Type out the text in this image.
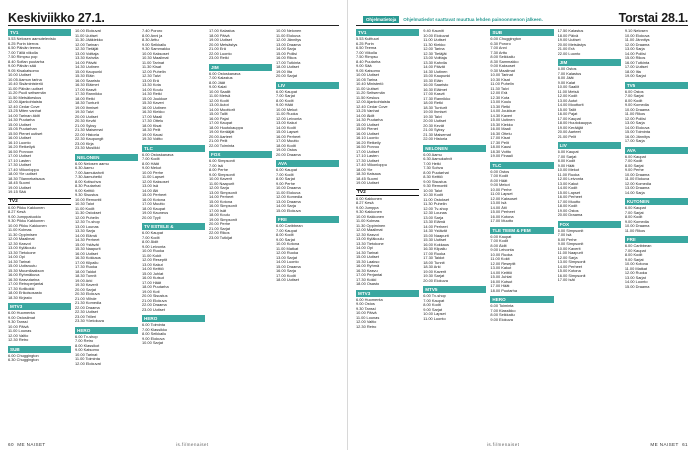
Keskiviikko 27.1.
TV1
5.53 Nelosen aamutelevisio
6.25 Porin kierros
6.50 Päivän teema
7.00 Tällä viikolla
7.50 Rimpsu pop
8.40 Sofian puutarha
9.00 Päivän sää
9.05 Kisakatsomo
10.00 Uutiset
10.05 Aamun tarina
10.40 Sisäministeriö
11.00 Päivän uutiset
11.20 Puoli seitsemän
11.50 Metsäkeskus
12.00 Ajankohtaista
12.40 Cedar Cove
13.25 Miten vanhat
14.00 Tarinan äidit
14.30 Puutarha
15.00 Uutiset
15.05 Puutarhan
15.50 Pienet uutiset
16.00 Uutiset
16.10 Luonto
16.20 Retkeilyä
16.50 Porvoon
17.00 Uutiset
17.10 Lasten
17.30 Uutiset
17.40 Viikonloppu
18.00 Yle uutiset
18.30 Tilannekatsaus
18.45 Suomi
19.00 Uutiset
19.15 Sää
TV2
6.00 Pikku Kakkonen
8.27 Kesä
9.00 Jumppatuokio
9.30 Pikku Kakkonen
10.00 Pikku Kakkonen
11.00 Kolmas
11.30 Oppimisen
12.00 Maailmat
12.30 Kasvot
13.00 Kyläkoulu
13.30 Tietokone
14.00 Opi
14.30 Tarinat
15.00 Uutisruutu
15.30 Muumilaakson
16.00 Ryhmäkuva
16.30 Kasvutarina
17.00 Retroperjantai
17.30 Kotikokki
18.00 Erikoisosasto
18.30 Kirjasto
MTV3
6.00 Huomenta
9.00 Ostosilmat
9.30 Tanssi
10.00 Päivä
11.00 Lounas
12.00 Valtio
12.30 Retro
SUB
6.00 Chuggington
6.30 Chuggington
10.00 Elokuvat
11.00 Uutiset
11.30 Jääkiekko
12.00 Tarinan
12.30 Tietäjät
13.00 Voittaja
13.30 Kahvila
14.00 Päivät
14.30 Uutinen
15.00 Kaupunki
15.30 Eläin
16.00 Saaristo
16.30 Eläimet
17.00 Kasvit
17.30 Rannikko
18.00 Retki
18.30 Tunturit
19.00 Ihmiset
19.30 Talvi
20.00 Uutiset
20.30 Kevät
21.00 Syksy
21.30 Maisemat
22.00 Historia
22.30 Kaupungit
23.00 Kirja
23.30 Musiikki
NELONEN
6.00 Nelosen aamu
6.30 Aamu
7.00 Aamukahvit
7.30 Aamuhetki
8.00 Kotisohva
8.30 Puutarhat
9.00 Keittiö
9.30 Sisustus
10.00 Remontti
10.30 Talot
11.00 Kodit
11.30 Ostokset
12.00 Puhelin
12.30 Tv-shop
13.00 Lounas
13.30 Sarja
14.00 Elämä
14.30 Perheet
15.00 Ystävät
15.30 Naapurit
16.00 Uutiset
16.30 Kokkaus
17.00 Kilpailu
17.30 Ruoka
18.00 Taidot
18.30 Tunnit
19.00 Arki
19.30 Kaverit
20.00 Sarjat
20.30 Elokuva
21.00 Viihde
21.30 Komedia
22.00 Draama
22.30 Uutiset
23.00 Trilleri
23.30 Yöelokuva
HERO
6.00 Tv-shop
7.00 Retro
8.00 Klassikot
9.00 Katsomo
10.00 Tarinat
11.00 Toiminta
12.00 Elokuvat
7.40 Pororo
8.00 Anni ja
8.30 Arttu
9.00 Seikkailu
9.30 Sammakko
10.00 Kaksoset
10.30 Maailmat
11.00 Tarinat
11.30 Kisat
12.00 Puhelin
12.30 Talvi
13.00 Erä
13.30 Kota
14.00 Koulu
14.30 Retki
15.00 Joukkue
15.30 Kaveri
16.00 Uutinen
16.30 Kiekko
17.00 Maali
17.30 Ottelu
18.00 Kisat
18.30 Pelit
19.00 Kausi
19.30 Voitto
TLC
6.00 Ostoskanava
7.00 Kodit
8.00 Häät
9.00 Mekot
10.00 Perhe
11.00 Lapset
12.00 Kaksoset
13.00 Isä
14.00 Äiti
15.00 Perheet
16.00 Kotona
17.00 Muutto
18.00 Kaupat
19.00 Kauneus
20.00 Tyyli
TV ESTELE &
6.00 Kaupat
7.00 Kodit
8.00 Äidit
9.00 Leivonta
10.00 Ruoka
11.00 Kokit
12.00 Reseptit
13.00 Kakut
14.00 Keittiö
15.00 Juhlat
16.00 Kutsut
17.00 Häät
18.00 Puutarha
19.00 Koti
20.00 Sisustus
21.00 Elokuva
22.00 Draama
23.00 Uutiset
HERO
6.00 Toiminta
7.00 Klassikko
8.00 Seikkailu
9.00 Elokuva
10.00 Sarjat
17.00 Kalastus
18.00 Päivä
19.00 Uutiset
20.00 Metsästys
21.00 Erä
22.00 Luonto
23.00 Retki
JIM
6.00 Ostoskanava
7.00 Kalastus
8.00 Jäät
9.00 Kalat
10.00 Saaliit
11.00 Metsä
12.00 Kodit
13.00 Autot
14.00 Moottorit
15.00 Tallit
16.00 Pajat
17.00 Kaupat
18.00 Huutokauppa
19.00 Kerääjät
20.00 Aarteet
21.00 Pelit
22.00 Toiminta
FOX
6.00 Simpsonit
7.00 Isä
8.00 Perhe
9.00 Simpsonit
10.00 Kaverit
11.00 Naapurit
12.00 Sarja
13.00 Simpsonit
14.00 Perheet
15.00 Kotona
16.00 Simpsonit
17.00 Isät
18.00 Koulu
19.00 Simpsonit
20.00 Perhe
21.00 Sarjat
22.00 Rikos
23.00 Tutkijat
10.00 Nelonen
11.00 Elokuva
12.00 Jännitys
13.00 Draama
14.00 Sarja
15.00 Poliisi
16.00 Rikos
17.00 Tutkinta
18.00 Uutiset
19.00 Ilta
20.00 Sarjat
LIV
6.00 Kaupat
7.00 Sarjat
8.00 Kodit
9.00 Häät
10.00 Mekot
11.00 Ruoka
12.00 Leivonta
13.00 Kakut
14.00 Kodit
15.00 Lapset
16.00 Perheet
17.00 Muutto
18.00 Kodit
19.00 Ostos
20.00 Draama
AVA
6.00 Kaupat
7.00 Kodit
8.00 Sarjat
9.00 Perhe
10.00 Draama
11.00 Elokuva
12.00 Komedia
13.00 Draama
14.00 Sarja
15.00 Elokuva
FRII
6.00 Caribbean
7.00 Kaupat
8.00 Kodit
9.00 Sarjat
10.00 Kotona
11.00 Matkat
12.00 Ruoka
13.00 Sarjat
14.00 Luonto
15.00 Draama
16.00 Sarja
17.00 Kodit
18.00 Uutiset
60 ME NAISET	is.fi/menaiset
Ohjelmatietoja	Ohjelmatiedot saattavat muuttua lehden painoonmenon jälkeen.	Torstai 28.1.
TV1
5.53 Kulttuuri
6.25 Porin
6.50 Teema
7.00 Viikolla
7.50 Rimpsu
8.40 Puutarha
9.00 Sää
9.05 Katsomo
10.00 Uutiset
10.05 Tarina
10.40 Ministeriö
11.00 Uutiset
11.20 Seitsemän
11.50 Keskus
12.00 Ajankohtaista
12.40 Cedar Cove
13.25 Vanhat
14.00 Äidit
14.30 Puutarha
15.00 Uutiset
15.50 Pienet
16.00 Uutiset
16.10 Luonto
16.20 Retkeily
16.50 Porvoo
17.00 Uutiset
17.10 Lasten
17.30 Uutiset
17.40 Viikonloppu
18.00 Yle
18.30 Katsaus
18.45 Suomi
19.00 Uutiset
TV2
6.00 Kakkonen
8.27 Kesä
9.00 Jumppa
9.30 Kakkonen
10.00 Kakkonen
11.00 Kolmas
11.30 Oppiminen
12.00 Maailmat
12.30 Kasvot
13.00 Kyläkoulu
13.30 Tietokone
14.00 Opi
14.30 Tarinat
15.00 Uutiset
15.30 Laakso
16.00 Ryhmä
16.30 Kasvu
17.00 Perjantai
17.30 Kokki
18.00 Osasto
MTV3
6.00 Huomenta
9.00 Ostos
9.30 Tanssi
10.00 Päivä
11.00 Lounas
12.00 Valtio
12.30 Retro
9.40 Kauniit
10.00 Elokuvat
11.00 Uutiset
11.30 Kiekko
12.00 Tarina
12.30 Tietäjät
13.00 Voittaja
13.30 Kahvila
14.00 Päivät
14.30 Uutinen
15.00 Kaupunki
15.30 Eläin
16.00 Saaristo
16.30 Eläimet
17.00 Kasvit
17.30 Rannikko
18.00 Retki
18.30 Tunturit
19.00 Ihmiset
19.30 Talvi
20.00 Uutiset
20.30 Kevät
21.00 Syksy
21.30 Maisemat
22.00 Historia
NELONEN
6.00 Aamu
6.30 Aamukahvit
7.00 Hetki
7.30 Sohva
8.00 Puutarhat
8.30 Keittiö
9.00 Sisustus
9.30 Remontti
10.00 Talot
10.30 Kodit
11.00 Ostokset
11.30 Puhelin
12.00 Tv-shop
12.30 Lounas
13.00 Sarja
13.30 Elämä
14.00 Perheet
14.30 Ystävät
15.00 Naapurit
15.30 Uutiset
16.00 Kokkaus
16.30 Kilpailu
17.00 Ruoka
17.30 Taidot
18.00 Tunnit
18.30 Arki
19.00 Kaverit
19.30 Sarjat
20.00 Elokuva
MTV5
6.00 Tv-shop
7.00 Kaupat
8.00 Kodit
9.00 Sarjat
10.00 Lapset
11.00 Luonto
SUB
6.00 Chuggington
6.30 Pororo
7.00 Anni
7.30 Arttu
8.00 Seikkailu
8.30 Sammakko
9.00 Kaksoset
9.30 Maailmat
10.00 Tarinat
10.30 Kisat
11.00 Puhelin
11.30 Talvi
12.00 Erä
12.30 Kota
13.00 Koulu
13.30 Retki
14.00 Joukkue
14.30 Kaveri
15.00 Uutinen
15.30 Kiekko
16.00 Maali
16.30 Ottelu
17.00 Kisat
17.30 Pelit
18.00 Kausi
18.30 Voitto
19.00 Finaali
TLC
6.00 Ostos
7.00 Kodit
8.00 Häät
9.00 Mekot
10.00 Perhe
11.00 Lapset
12.00 Kaksoset
13.00 Isä
14.00 Äiti
15.00 Perheet
16.00 Kotona
17.00 Muutto
TLE TEEM & FEM
6.00 Kaupat
7.00 Kodit
8.00 Äidit
9.00 Leivonta
10.00 Ruoka
11.00 Kokit
12.00 Reseptit
13.00 Kakut
14.00 Keittiö
15.00 Juhlat
16.00 Kutsut
17.00 Häät
18.00 Puutarha
HERO
6.00 Toiminta
7.00 Klassikko
8.00 Seikkailu
9.00 Elokuva
17.50 Kalastus
18.00 Päivä
19.00 Uutiset
20.00 Metsästys
21.00 Erä
22.00 Luonto
JIM
6.00 Ostos
7.00 Kalastus
8.00 Jäät
9.00 Kalat
10.00 Saaliit
11.00 Metsä
12.00 Kodit
13.00 Autot
14.00 Moottorit
15.00 Tallit
16.00 Pajat
17.00 Kaupat
18.00 Huutokauppa
19.00 Kerääjät
20.00 Aarteet
21.00 Pelit
LIV
6.00 Kaupat
7.00 Sarjat
8.00 Kodit
9.00 Häät
10.00 Mekot
11.00 Ruoka
12.00 Leivonta
13.00 Kakut
14.00 Kodit
15.00 Lapset
16.00 Perheet
17.00 Muutto
18.00 Kodit
19.00 Ostos
20.00 Draama
FOX
6.00 Simpsonit
7.00 Isä
8.00 Perhe
9.00 Simpsonit
10.00 Kaverit
11.00 Naapurit
12.00 Sarja
13.00 Simpsonit
14.00 Perheet
15.00 Kotona
16.00 Simpsonit
17.00 Isät
9.10 Nelosen
10.00 Elokuva
11.00 Jännitys
12.00 Draama
13.00 Sarja
14.00 Poliisi
15.00 Rikos
16.00 Tutkinta
17.00 Uutiset
18.00 Ilta
19.00 Sarjat
TV5
6.00 Ostos
7.00 Sarjat
8.00 Kodit
9.00 Komedia
10.00 Draama
11.00 Rikos
12.00 Poliisi
13.00 Sarja
14.00 Elokuva
15.00 Toiminta
16.00 Jännitys
17.00 Sarja
AVA
6.00 Kaupat
7.00 Kodit
8.00 Sarjat
9.00 Perhe
10.00 Draama
11.00 Elokuva
12.00 Komedia
13.00 Draama
14.00 Sarja
KUTONEN
6.00 Kaupat
7.00 Sarjat
8.00 Kodit
9.00 Komedia
10.00 Draama
11.00 Rikos
FRII
6.00 Caribbean
7.00 Kaupat
8.00 Kodit
9.00 Sarjat
10.00 Kotona
11.00 Matkat
12.00 Ruoka
13.00 Sarjat
14.00 Luonto
15.00 Draama
is.fi/menaiset	ME NAISET 61
